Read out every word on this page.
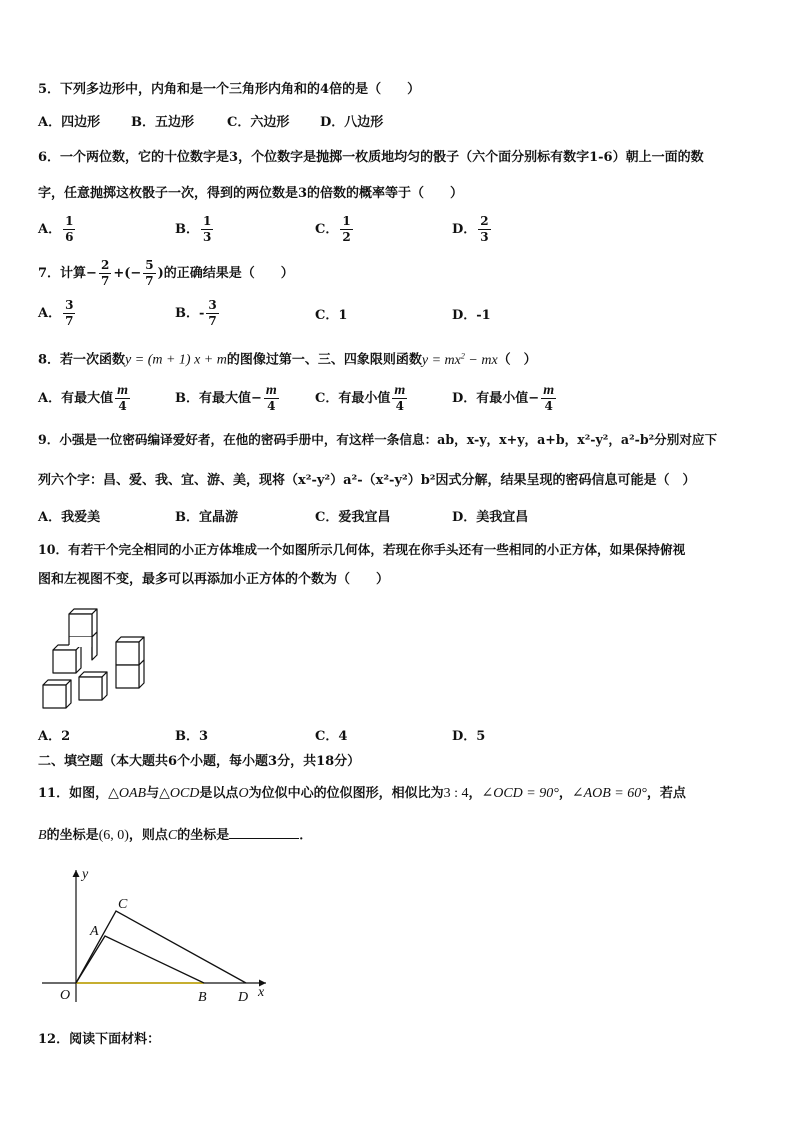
5．下列多边形中，内角和是一个三角形内角和的4倍的是（　　）
A．四边形 B．五边形	C．六边形 D．八边形
6．一个两位数，它的十位数字是3，个位数字是抛掷一枚质地均匀的骰子（六个面分别标有数字1-6）朝上一面的数
字，任意抛掷这枚骰子一次，得到的两位数是3的倍数的概率等于（　　）
A． $\frac{1}{6}$	B． $\frac{1}{3}$	C． $\frac{1}{2}$	D． $\frac{2}{3}$
7．计算− $\frac{2}{7}$ +(− $\frac{5}{7}$ )的正确结果是（　　）
A． $\frac{3}{7}$	B．- $\frac{3}{7}$	C．1	D．-1
8．若一次函数y = (m + 1) x + m的图像过第一、三、四象限则函数$y = mx^2 - mx$（　）
A．有最大值 $\frac{m}{4}$	B．有最大值− $\frac{m}{4}$	C．有最小值 $\frac{m}{4}$	D．有最小值− $\frac{m}{4}$
9．小强是一位密码编译爱好者，在他的密码手册中，有这样一条信息：ab，x-y，x+y，a+b，x²-y²，a²-b²分别对应下
列六个字：昌、爱、我、宜、游、美，现将（x²-y²）a²-（x²-y²）b²因式分解，结果呈现的密码信息可能是（　）
A．我爱美	B．宜晶游	C．爱我宜昌	D．美我宜昌
10．有若干个完全相同的小正方体堆成一个如图所示几何体，若现在你手头还有一些相同的小正方体，如果保持俯视
图和左视图不变，最多可以再添加小正方体的个数为（　　）
A．2	B．3	C．4	D．5
二、填空题（本大题共6个小题，每小题3分，共18分）
11．如图，△OAB与△OCD是以点O为位似中心的位似图形，相似比为3 : 4，∠OCD = 90°，∠AOB = 60°，若点
B的坐标是(6, 0)，则点C的坐标是	．
y
x
O
A
C
B D
12．阅读下面材料：
